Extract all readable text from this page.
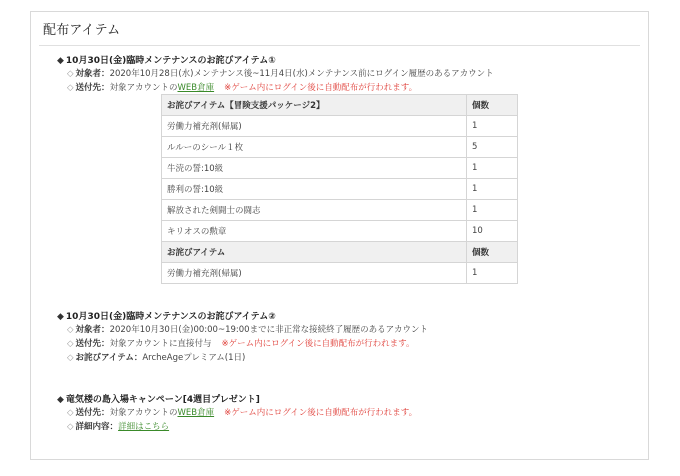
配布アイテム
◆ 10月30日(金)臨時メンテナンスのお詫びアイテム①
◇ 対象者：2020年10月28日(水)メンテナンス後~11月4日(水)メンテナンス前にログイン履歴のあるアカウント
◇ 送付先：対象アカウントのWEB倉庫 ※ゲーム内にログイン後に自動配布が行われます。
お詫びアイテム【冒険支援パッケージ2】	個数
労働力補充剤(帰属)	1
ルルーのシール１枚	5
牛涜の誓:10級	1
勝利の誓:10級	1
解放された剣闘士の闘志	1
キリオスの勲章	10
お詫びアイテム	個数
労働力補充剤(帰属)	1
◆ 10月30日(金)臨時メンテナンスのお詫びアイテム②
◇ 対象者：2020年10月30日(金)00:00~19:00までに非正常な接続終了履歴のあるアカウント
◇ 送付先：対象アカウントに直接付与 ※ゲーム内にログイン後に自動配布が行われます。
◇ お詫びアイテム：ArcheAgeプレミアム(1日)
◆ 竜気楼の島入場キャンペーン[4週目プレゼント]
◇ 送付先：対象アカウントのWEB倉庫 ※ゲーム内にログイン後に自動配布が行われます。
◇ 詳細内容：詳細はこちら
